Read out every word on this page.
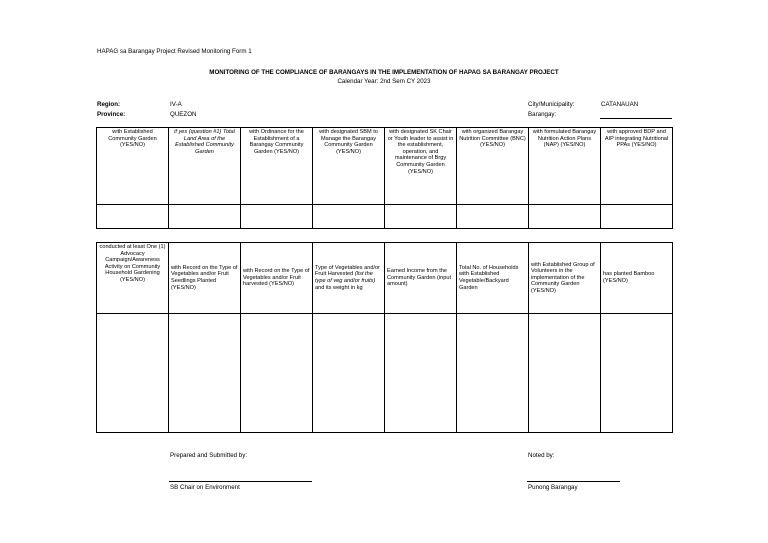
HAPAG sa Barangay Project Revised Monitoring Form 1
MONITORING OF THE COMPLIANCE OF BARANGAYS IN THE IMPLEMENTATION OF HAPAG SA BARANGAY PROJECT
Calendar Year: 2nd Sem CY 2023
Region:	IV-A
Province:	QUEZON
City/Municipality:	CATANAUAN
Barangay:
with Established Community Garden (YES/NO)	if yes (question #1) Total Land Area of the Established Community Garden	with Ordinance for the Establishment of a Barangay Community Garden (YES/NO)	with designated SBM to Manage the Barangay Community Garden (YES/NO)	with designated SK Chair or Youth leader to assist in the establishment, operation, and maintenance of Brgy Community Garden (YES/NO)	with organized Barangay Nutrition Committee (BNC) (YES/NO)	with formulated Barangay Nutrition Action Plans (NAP) (YES/NO)	with approved BDP and AIP integrating Nutritional PPAs (YES/NO)

conducted at least One (1) Advocacy Campaign/Awareness Activity on Community Household Gardening (YES/NO)	with Record on the Type of Vegetables and/or Fruit Seedlings Planted (YES/NO)	with Record on the Type of Vegetables and/or Fruit harvested (YES/NO)	Type of Vegetables and/or Fruit Harvested (list the type of veg and/or fruits) and its weight in kg	Earned Income from the Community Garden (input amount)	Total No. of Households with Established Vegetable/Backyard Garden	with Established Group of Volunteers in the implementation of the Community Garden (YES/NO)	has planted Bamboo (YES/NO)

Prepared and Submitted by:
SB Chair on Environment
Noted by:
Punong Barangay
